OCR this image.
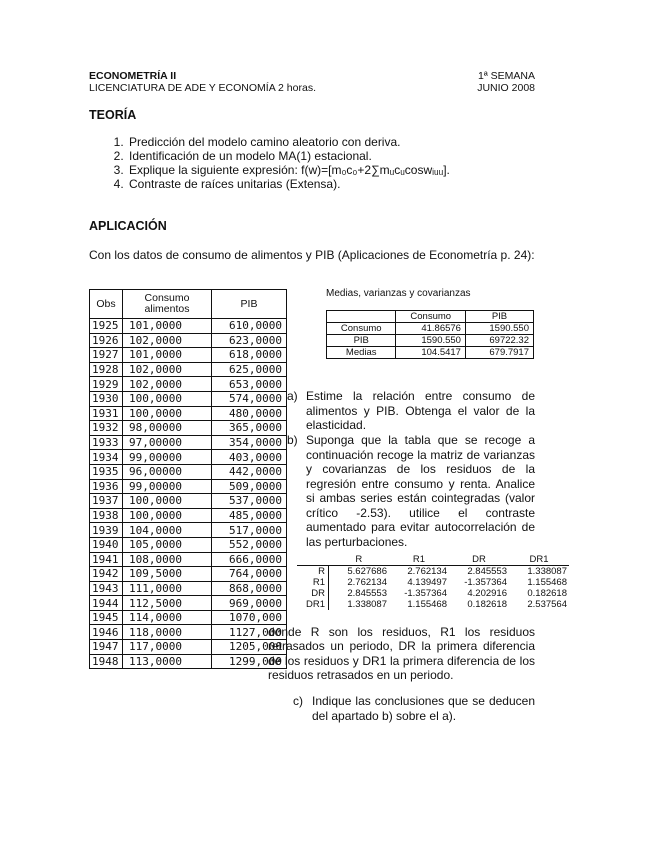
ECONOMETRÍA II
LICENCIATURA DE ADE Y ECONOMÍA 2 horas.
1ª SEMANA
JUNIO 2008
TEORÍA
1. Predicción del modelo camino aleatorio con deriva.
2. Identificación de un modelo MA(1) estacional.
3. Explique la siguiente expresión: f(w)=[m₀c₀+2∑mᵤcᵤcoswᵢᵤᵤ].
4. Contraste de raíces unitarias (Extensa).
APLICACIÓN
Con los datos de consumo de alimentos y PIB (Aplicaciones de Econometría p. 24):
Obs	Consumo alimentos	PIB
1925	101,0000	610,0000
1926	102,0000	623,0000
1927	101,0000	618,0000
1928	102,0000	625,0000
1929	102,0000	653,0000
1930	100,0000	574,0000
1931	100,0000	480,0000
1932	98,00000	365,0000
1933	97,00000	354,0000
1934	99,00000	403,0000
1935	96,00000	442,0000
1936	99,00000	509,0000
1937	100,0000	537,0000
1938	100,0000	485,0000
1939	104,0000	517,0000
1940	105,0000	552,0000
1941	108,0000	666,0000
1942	109,5000	764,0000
1943	111,0000	868,0000
1944	112,5000	969,0000
1945	114,0000	1070,000
1946	118,0000	1127,000
1947	117,0000	1205,000
1948	113,0000	1299,000
Medias, varianzas y covarianzas
	Consumo	PIB
Consumo	41.86576	1590.550
PIB	1590.550	69722.32
Medias	104.5417	679.7917
a) Estime la relación entre consumo de alimentos y PIB. Obtenga el valor de la elasticidad.
b) Suponga que la tabla que se recoge a continuación recoge la matriz de varianzas y covarianzas de los residuos de la regresión entre consumo y renta. Analice si ambas series están cointegradas (valor crítico -2.53). utilice el contraste aumentado para evitar autocorrelación de las perturbaciones.
	R	R1	DR	DR1
R	5.627686	2.762134	2.845553	1.338087
R1	2.762134	4.139497	-1.357364	1.155468
DR	2.845553	-1.357364	4.202916	0.182618
DR1	1.338087	1.155468	0.182618	2.537564
donde R son los residuos, R1 los residuos retrasados un periodo, DR la primera diferencia de los residuos y DR1 la primera diferencia de los residuos retrasados en un periodo.
c) Indique las conclusiones que se deducen del apartado b) sobre el a).
